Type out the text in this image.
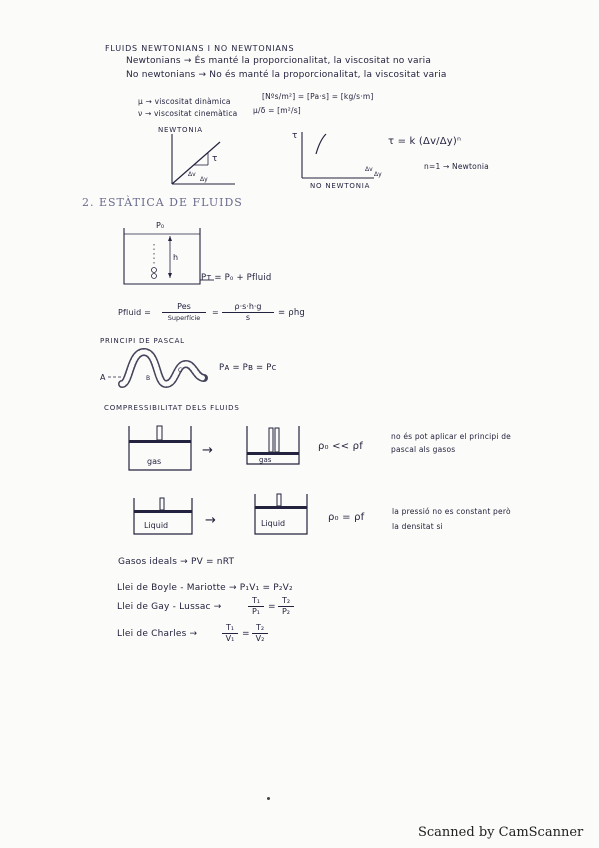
FLUIDS NEWTONIANS I NO NEWTONIANS
Newtonians → És manté la proporcionalitat, la viscositat no varia
No newtonians → No és manté la proporcionalitat, la viscositat varia
μ → viscositat dinàmica
[Nºs/m²] = [Pa·s] = [kg/s·m]
ν → viscositat cinemàtica μ/δ = [m²/s]
NEWTONIA
τ
Δv
Δy
τ
Δv
Δy
NO NEWTONIA
τ = k (Δv/Δy)ⁿ
n=1 → Newtonia
2. ESTÀTICA DE FLUIDS
P₀
h
Pᴛ = P₀ + Pfluid
Pfluid =
Pes
Superfície
= $\frac{\rho\cdot s\cdot h\cdot g}{s} = \rho hg$
PRINCIPI DE PASCAL
A	B
C	Pᴀ = Pʙ = Pᴄ
COMPRESSIBILITAT DELS FLUIDS
gas
→
gas
ρ₀ << ρf
no és pot aplicar el principi de
pascal als gasos
Liquid	→	Liquid
ρ₀ = ρf
la pressió no es constant però
la densitat si
Gasos ideals → PV = nRT
Llei de Boyle - Mariotte → P₁V₁ = P₂V₂
Llei de Gay - Lussac →
T₁
P₁ =
T₂
P₂
Llei de Charles →
T₁
V₁ =
T₂
V₂
Scanned by CamScanner
